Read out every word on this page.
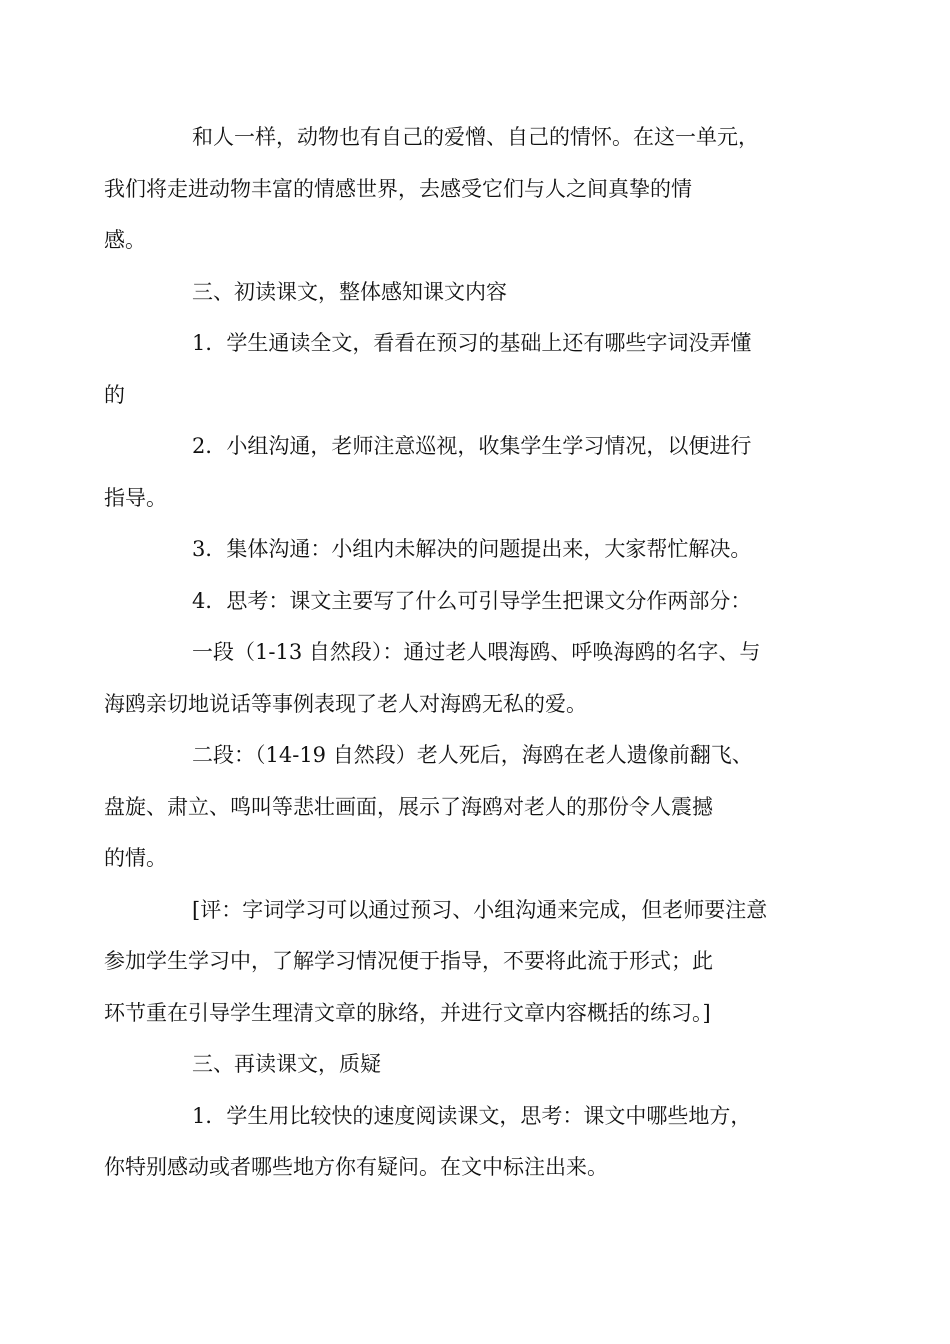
和人一样，动物也有自己的爱憎、自己的情怀。在这一单元，
我们将走进动物丰富的情感世界，去感受它们与人之间真挚的情
感。

三、初读课文，整体感知课文内容

1．学生通读全文，看看在预习的基础上还有哪些字词没弄懂
的

2．小组沟通，老师注意巡视，收集学生学习情况，以便进行
指导。

3．集体沟通：小组内未解决的问题提出来，大家帮忙解决。

4．思考：课文主要写了什么可引导学生把课文分作两部分：

一段（1-13 自然段）：通过老人喂海鸥、呼唤海鸥的名字、与
海鸥亲切地说话等事例表现了老人对海鸥无私的爱。

二段：（14-19 自然段）老人死后，海鸥在老人遗像前翻飞、
盘旋、肃立、鸣叫等悲壮画面，展示了海鸥对老人的那份令人震撼
的情。

[评：字词学习可以通过预习、小组沟通来完成，但老师要注意
参加学生学习中，了解学习情况便于指导，不要将此流于形式；此
环节重在引导学生理清文章的脉络，并进行文章内容概括的练习。]

三、再读课文，质疑

1．学生用比较快的速度阅读课文，思考：课文中哪些地方，
你特别感动或者哪些地方你有疑问。在文中标注出来。
